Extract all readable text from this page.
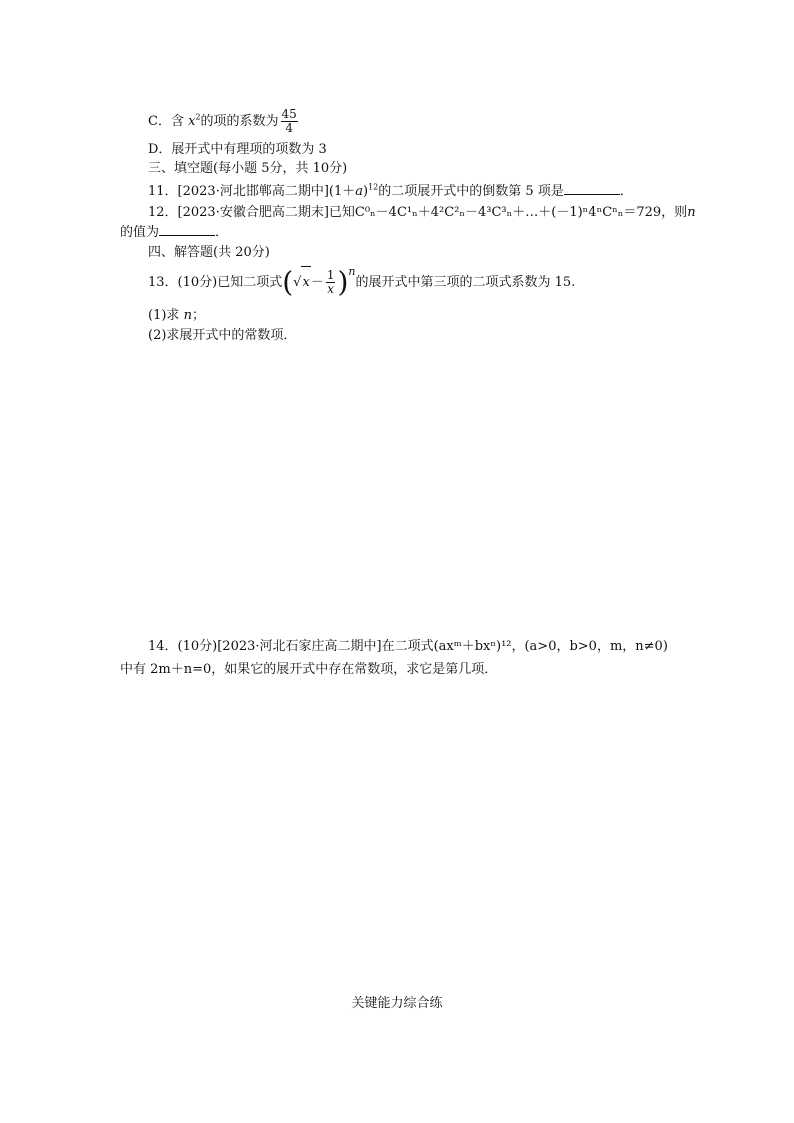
C．含 $x^2$的项的系数为 $\frac{45}{4}$
D．展开式中有理项的项数为 3
三、填空题(每小题 5分，共 10分)
11．[2023·河北邯郸高二期中]$(1+a)^{12}$的二项展开式中的倒数第 5 项是	．
12．[2023·安徽合肥高二期末]已知C⁰ₙ－4C¹ₙ＋4²C²ₙ－4³C³ₙ＋…＋(－1)ⁿ4ⁿCⁿₙ＝729，则n
的值为	．
四、解答题(共 20分)
13．(10分)已知二项式$(√x- \frac{1}{x} )^n$的展开式中第三项的二项式系数为 15.
(1)求 n；
(2)求展开式中的常数项．
14．(10分)[2023·河北石家庄高二期中]在二项式(axᵐ＋bxⁿ)¹²，(a>0，b>0，m，n≠0)
中有 2m＋n=0，如果它的展开式中存在常数项，求它是第几项．
关键能力综合练
